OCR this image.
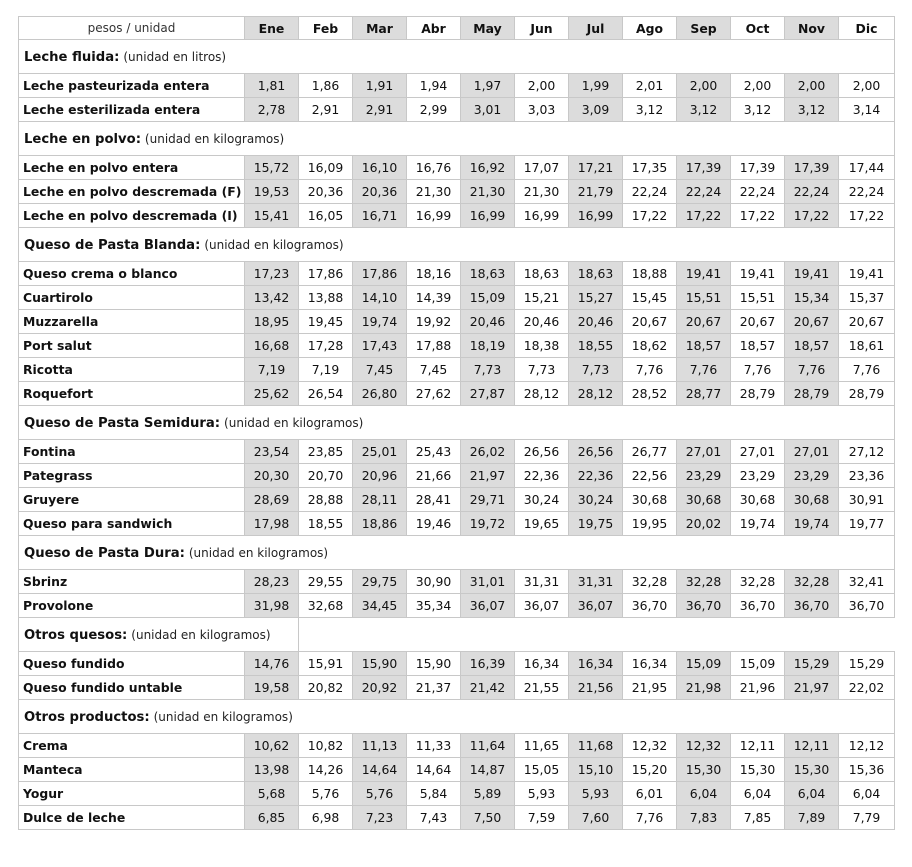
pesos / unidad	Ene	Feb	Mar	Abr	May	Jun	Jul	Ago	Sep	Oct	Nov	Dic
Leche fluida: (unidad en litros)												
Leche pasteurizada entera	1,81	1,86	1,91	1,94	1,97	2,00	1,99	2,01	2,00	2,00	2,00	2,00
Leche esterilizada entera	2,78	2,91	2,91	2,99	3,01	3,03	3,09	3,12	3,12	3,12	3,12	3,14
Leche en polvo: (unidad en kilogramos)												
Leche en polvo entera	15,72	16,09	16,10	16,76	16,92	17,07	17,21	17,35	17,39	17,39	17,39	17,44
Leche en polvo descremada (F)	19,53	20,36	20,36	21,30	21,30	21,30	21,79	22,24	22,24	22,24	22,24	22,24
Leche en polvo descremada (I)	15,41	16,05	16,71	16,99	16,99	16,99	16,99	17,22	17,22	17,22	17,22	17,22
Queso de Pasta Blanda: (unidad en kilogramos)												
Queso crema o blanco	17,23	17,86	17,86	18,16	18,63	18,63	18,63	18,88	19,41	19,41	19,41	19,41
Cuartirolo	13,42	13,88	14,10	14,39	15,09	15,21	15,27	15,45	15,51	15,51	15,34	15,37
Muzzarella	18,95	19,45	19,74	19,92	20,46	20,46	20,46	20,67	20,67	20,67	20,67	20,67
Port salut	16,68	17,28	17,43	17,88	18,19	18,38	18,55	18,62	18,57	18,57	18,57	18,61
Ricotta	7,19	7,19	7,45	7,45	7,73	7,73	7,73	7,76	7,76	7,76	7,76	7,76
Roquefort	25,62	26,54	26,80	27,62	27,87	28,12	28,12	28,52	28,77	28,79	28,79	28,79
Queso de Pasta Semidura: (unidad en kilogramos)												
Fontina	23,54	23,85	25,01	25,43	26,02	26,56	26,56	26,77	27,01	27,01	27,01	27,12
Pategrass	20,30	20,70	20,96	21,66	21,97	22,36	22,36	22,56	23,29	23,29	23,29	23,36
Gruyere	28,69	28,88	28,11	28,41	29,71	30,24	30,24	30,68	30,68	30,68	30,68	30,91
Queso para sandwich	17,98	18,55	18,86	19,46	19,72	19,65	19,75	19,95	20,02	19,74	19,74	19,77
Queso de Pasta Dura: (unidad en kilogramos)												
Sbrinz	28,23	29,55	29,75	30,90	31,01	31,31	31,31	32,28	32,28	32,28	32,28	32,41
Provolone	31,98	32,68	34,45	35,34	36,07	36,07	36,07	36,70	36,70	36,70	36,70	36,70
Otros quesos: (unidad en kilogramos)												
Queso fundido	14,76	15,91	15,90	15,90	16,39	16,34	16,34	16,34	15,09	15,09	15,29	15,29
Queso fundido untable	19,58	20,82	20,92	21,37	21,42	21,55	21,56	21,95	21,98	21,96	21,97	22,02
Otros productos: (unidad en kilogramos)												
Crema	10,62	10,82	11,13	11,33	11,64	11,65	11,68	12,32	12,32	12,11	12,11	12,12
Manteca	13,98	14,26	14,64	14,64	14,87	15,05	15,10	15,20	15,30	15,30	15,30	15,36
Yogur	5,68	5,76	5,76	5,84	5,89	5,93	5,93	6,01	6,04	6,04	6,04	6,04
Dulce de leche	6,85	6,98	7,23	7,43	7,50	7,59	7,60	7,76	7,83	7,85	7,89	7,79
